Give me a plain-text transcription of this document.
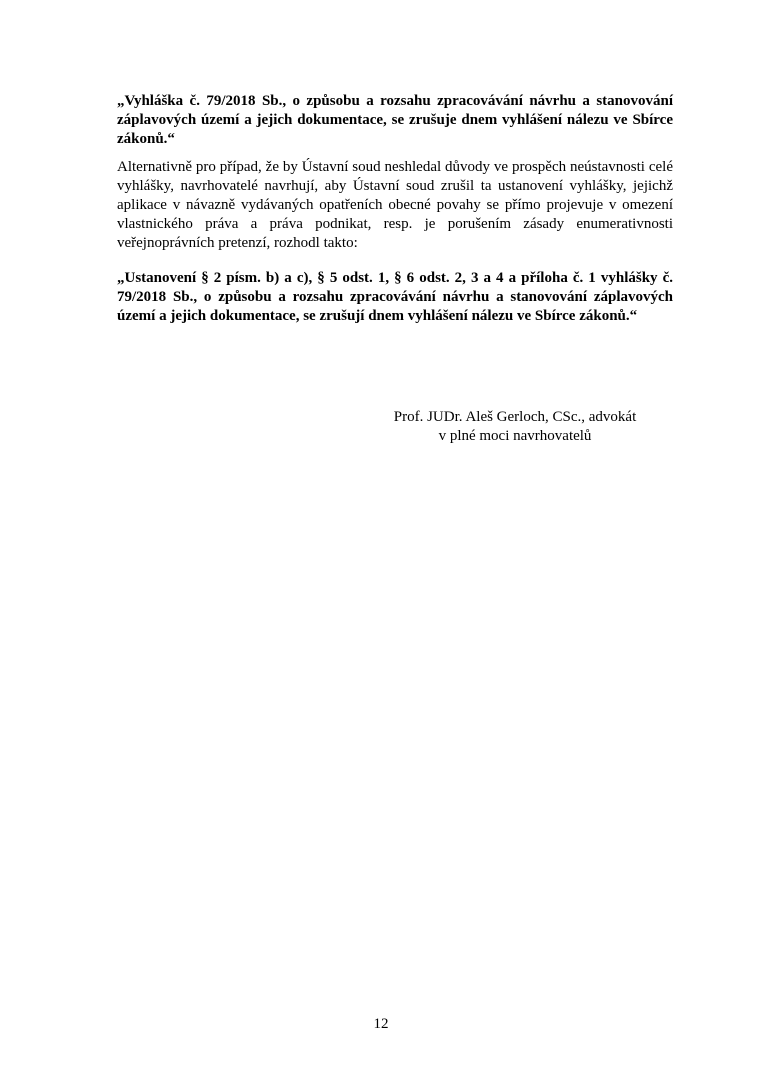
„Vyhláška č. 79/2018 Sb., o způsobu a rozsahu zpracovávání návrhu a stanovování záplavových území a jejich dokumentace, se zrušuje dnem vyhlášení nálezu ve Sbírce zákonů.“

Alternativně pro případ, že by Ústavní soud neshledal důvody ve prospěch neústavnosti celé vyhlášky, navrhovatelé navrhují, aby Ústavní soud zrušil ta ustanovení vyhlášky, jejichž aplikace v návazně vydávaných opatřeních obecné povahy se přímo projevuje v omezení vlastnického práva a práva podnikat, resp. je porušením zásady enumerativnosti veřejnoprávních pretenzí, rozhodl takto:

„Ustanovení § 2 písm. b) a c), § 5 odst. 1, § 6 odst. 2, 3 a 4 a příloha č. 1 vyhlášky č. 79/2018 Sb., o způsobu a rozsahu zpracovávání návrhu a stanovování záplavových území a jejich dokumentace, se zrušují dnem vyhlášení nálezu ve Sbírce zákonů.“

Prof. JUDr. Aleš Gerloch, CSc., advokát
v plné moci navrhovatelů
12
